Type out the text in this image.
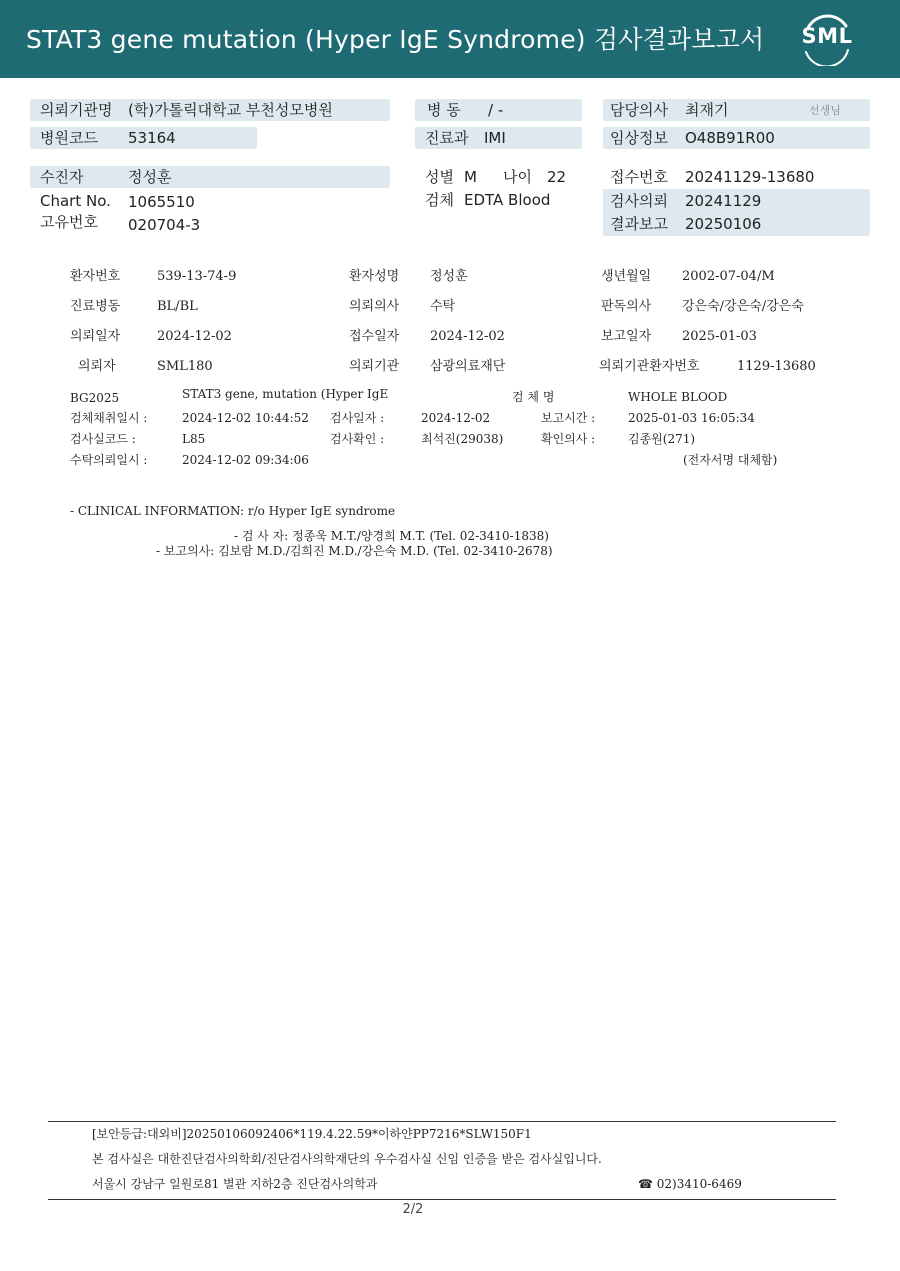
STAT3 gene mutation (Hyper IgE Syndrome) 검사결과보고서 SML
의뢰기관명 (학)가톨릭대학교 부천성모병원
병원코드 53164
병 동 / -
진료과 IMI
담당의사 최재기	선생님
임상정보 O48B91R00
수진자	정성훈
Chart No. 1065510
고유번호 020704-3
성별 M 나이 22
검체 EDTA Blood
접수번호 20241129-13680
검사의뢰 20241129
결과보고 20250106
환자번호	539-13-74-9	환자성명 정성훈	생년월일 2002-07-04/M
진료병동	BL/BL	의뢰의사 수탁	판독의사 강은숙/강은숙/강은숙
의뢰일자	2024-12-02	접수일자 2024-12-02	보고일자 2025-01-03
의뢰자	SML180	의뢰기관 삼광의료재단	의뢰기관환자번호	1129-13680
BG2025	STAT3 gene, mutation (Hyper IgE	검 체 명	WHOLE BLOOD
검체채취일시 :	2024-12-02 10:44:52 검사일자 :	2024-12-02	보고시간 :	2025-01-03 16:05:34
검사실코드 :	L85	검사확인 :	최석진(29038)	확인의사 :	김종원(271)
수탁의뢰일시 :	2024-12-02 09:34:06	(전자서명 대체함)
- CLINICAL INFORMATION: r/o Hyper IgE syndrome
- 검 사 자: 정종욱 M.T./양경희 M.T. (Tel. 02-3410-1838)
- 보고의사: 김보람 M.D./김희진 M.D./강은숙 M.D. (Tel. 02-3410-2678)
[보안등급:대외비]20250106092406*119.4.22.59*이하얀PP7216*SLW150F1
본 검사실은 대한진단검사의학회/진단검사의학재단의 우수검사실 신임 인증을 받은 검사실입니다.
서울시 강남구 일원로81 별관 지하2층 진단검사의학과	☎ 02)3410-6469
2/2
